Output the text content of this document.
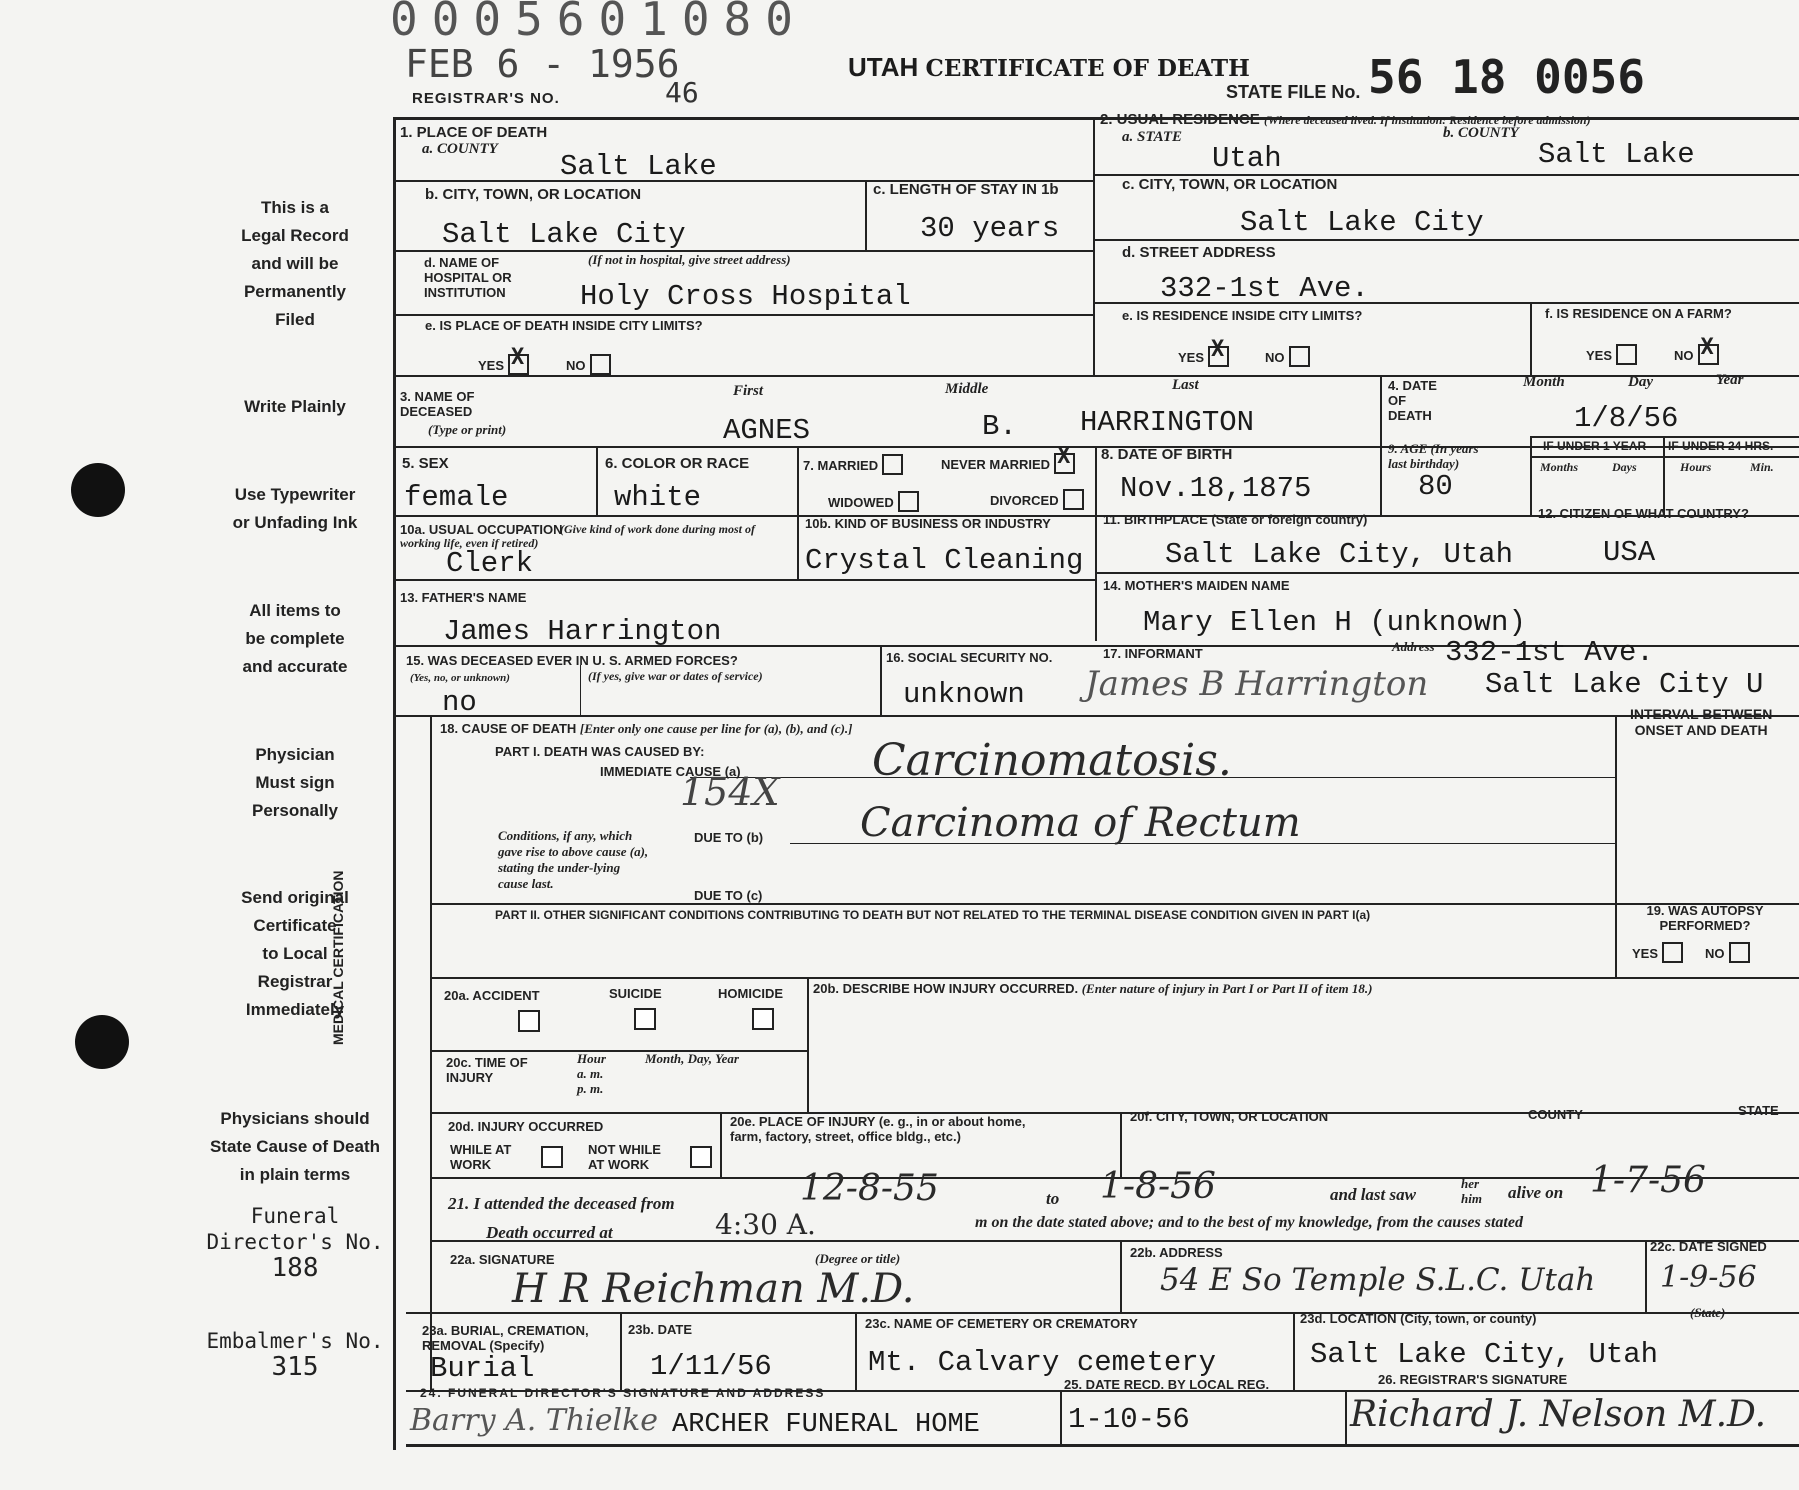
0005601080
FEB 6 - 1956
REGISTRAR'S NO.	46
UTAH CERTIFICATE OF DEATH
STATE FILE No. 56 18 0056
This is a
Legal Record
and will be
Permanently
Filed
Write Plainly
Use Typewriter
or Unfading Ink
All items to
be complete
and accurate
Physician
Must sign
Personally
Send original
Certificate
to Local
Registrar
Immediately
Physicians should
State Cause of Death
in plain terms
Funeral
Director's No.
188
Embalmer's No.
315
1. PLACE OF DEATH
a. COUNTY
Salt Lake
2. USUAL RESIDENCE (Where deceased lived. If institution: Residence before admission)
a. STATE	b. COUNTY
Utah	Salt Lake
b. CITY, TOWN, OR LOCATION
Salt Lake City
c. LENGTH OF STAY IN 1b
30 years
c. CITY, TOWN, OR LOCATION
Salt Lake City
d. NAME OF
HOSPITAL OR
INSTITUTION
(If not in hospital, give street address)
Holy Cross Hospital
d. STREET ADDRESS
332-1st Ave.
e. IS PLACE OF DEATH INSIDE CITY LIMITS?
YES X	NO
e. IS RESIDENCE INSIDE CITY LIMITS?
YES X	NO
f. IS RESIDENCE ON A FARM?
YES	NOX
3. NAME OF
DECEASED
(Type or print)
First	Middle	Last
AGNES	B. HARRINGTON
4. DATE
OF
DEATH
Month	Day	Year
1/8/56
5. SEX
female
6. COLOR OR RACE
white
7. MARRIED	NEVER MARRIEDX
WIDOWED	DIVORCED
8. DATE OF BIRTH
Nov.18,1875
9. AGE (In years
last birthday)
80
IF UNDER 1 YEAR IF UNDER 24 HRS.
Months	Days	Hours	Min.
10a. USUAL OCCUPATION
(Give kind of work done during most of working life, even if retired)
Clerk
10b. KIND OF BUSINESS OR INDUSTRY
Crystal Cleaning
11. BIRTHPLACE (State or foreign country)
Salt Lake City, Utah
12. CITIZEN OF WHAT COUNTRY?
USA
13. FATHER'S NAME
James Harrington
14. MOTHER'S MAIDEN NAME
Mary Ellen H (unknown)
15. WAS DECEASED EVER IN U. S. ARMED FORCES?
(Yes, no, or unknown)	(If yes, give war or dates of service)
no
16. SOCIAL SECURITY NO.
unknown
17. INFORMANT	Address
James B Harrington
332-1st Ave.
Salt Lake City U
MEDICAL CERTIFICATION
18. CAUSE OF DEATH [Enter only one cause per line for (a), (b), and (c).]
PART I. DEATH WAS CAUSED BY:
IMMEDIATE CAUSE (a)	Carcinomatosis.
154X
Conditions, if any, which gave rise to above cause (a), stating the under-lying cause last.
DUE TO (b) Carcinoma of Rectum
DUE TO (c)
INTERVAL BETWEEN
ONSET AND DEATH
PART II. OTHER SIGNIFICANT CONDITIONS CONTRIBUTING TO DEATH BUT NOT RELATED TO THE TERMINAL DISEASE CONDITION GIVEN IN PART I(a)	19. WAS AUTOPSY
PERFORMED?
YES	NO
20a. ACCIDENT	SUICIDE	HOMICIDE 20b. DESCRIBE HOW INJURY OCCURRED. (Enter nature of injury in Part I or Part II of item 18.)
20c. TIME OF
INJURY
Hour
a. m.
p. m.
Month, Day, Year
20d. INJURY OCCURRED
WHILE AT
WORK
NOT WHILE
AT WORK
20e. PLACE OF INJURY (e. g., in or about home,
farm, factory, street, office bldg., etc.)
20f. CITY, TOWN, OR LOCATION	COUNTY	STATE
21. I attended the deceased from	12-8-55	to 1-8-56	and last saw
her
him alive on 1-7-56
Death occurred at	4:30 A.	m on the date stated above; and to the best of my knowledge, from the causes stated
22a. SIGNATURE
H R Reichman M.D.
(Degree or title)	22b. ADDRESS
54 E So Temple S.L.C. Utah
22c. DATE SIGNED
1-9-56
23a. BURIAL, CREMATION,
REMOVAL (Specify)
Burial
23b. DATE
1/11/56
23c. NAME OF CEMETERY OR CREMATORY
Mt. Calvary cemetery
23d. LOCATION (City, town, or county)	(State)
Salt Lake City, Utah
24. FUNERAL DIRECTOR'S SIGNATURE AND ADDRESS
Barry A. Thielke ARCHER FUNERAL HOME
25. DATE RECD. BY LOCAL REG.
1-10-56
26. REGISTRAR'S SIGNATURE
Richard J. Nelson M.D.
